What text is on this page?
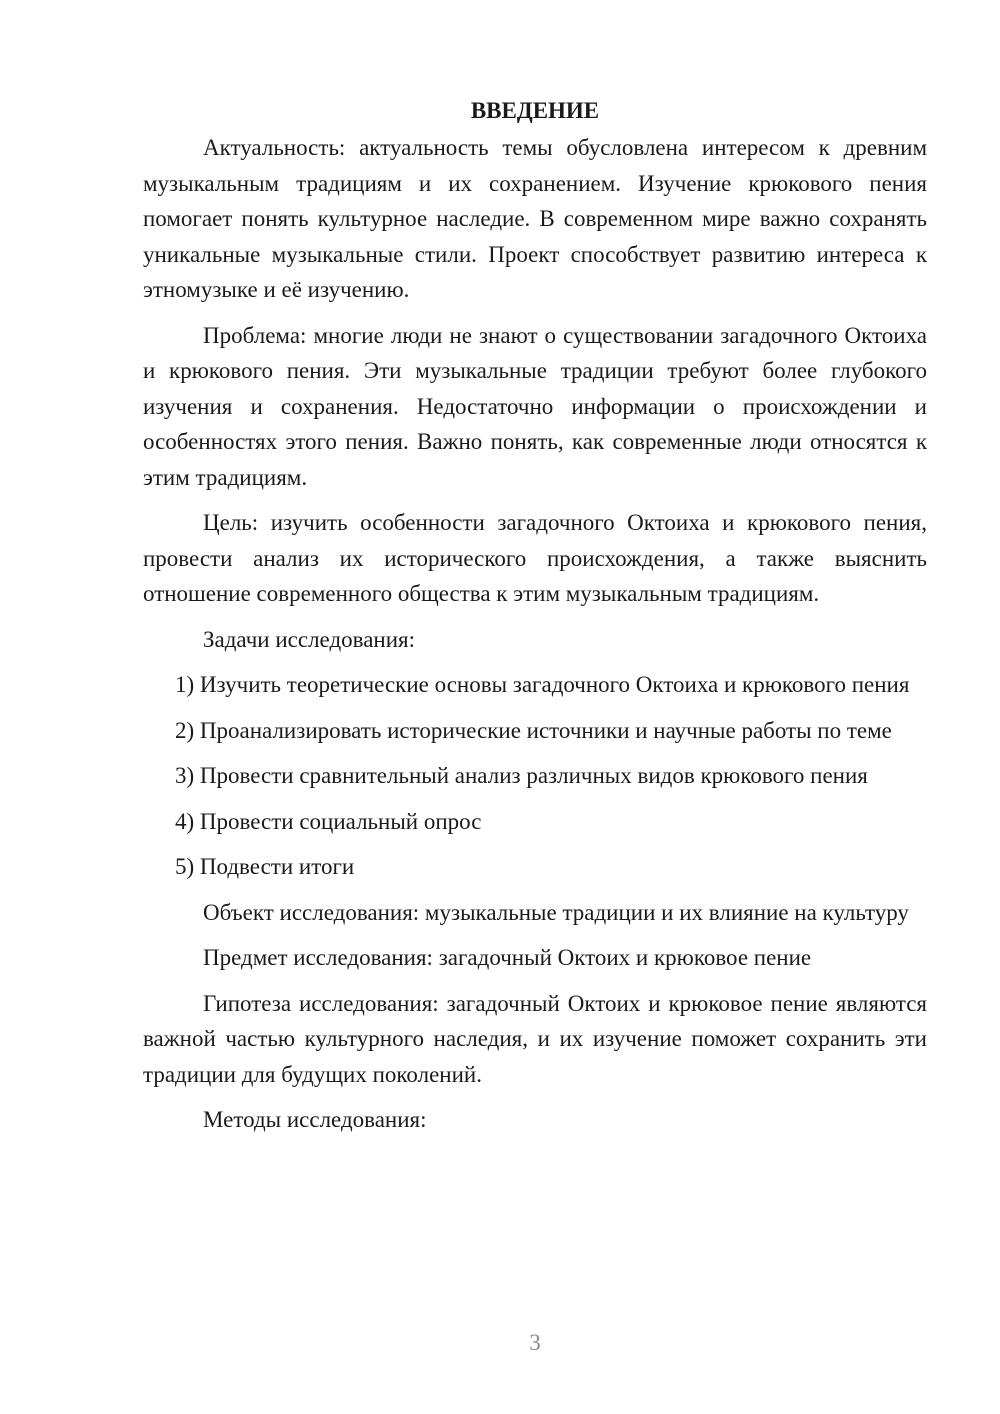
ВВЕДЕНИЕ

Актуальность: актуальность темы обусловлена интересом к древним музыкальным традициям и их сохранением. Изучение крюкового пения помогает понять культурное наследие. В современном мире важно сохранять уникальные музыкальные стили. Проект способствует развитию интереса к этномузыке и её изучению.

Проблема: многие люди не знают о существовании загадочного Октоиха и крюкового пения. Эти музыкальные традиции требуют более глубокого изучения и сохранения. Недостаточно информации о происхождении и особенностях этого пения. Важно понять, как современные люди относятся к этим традициям.

Цель: изучить особенности загадочного Октоиха и крюкового пения, провести анализ их исторического происхождения, а также выяснить отношение современного общества к этим музыкальным традициям.

Задачи исследования:

1) Изучить теоретические основы загадочного Октоиха и крюкового пения

2) Проанализировать исторические источники и научные работы по теме

3) Провести сравнительный анализ различных видов крюкового пения

4) Провести социальный опрос

5) Подвести итоги

Объект исследования: музыкальные традиции и их влияние на культуру

Предмет исследования: загадочный Октоих и крюковое пение

Гипотеза исследования: загадочный Октоих и крюковое пение являются важной частью культурного наследия, и их изучение поможет сохранить эти традиции для будущих поколений.

Методы исследования:

3
